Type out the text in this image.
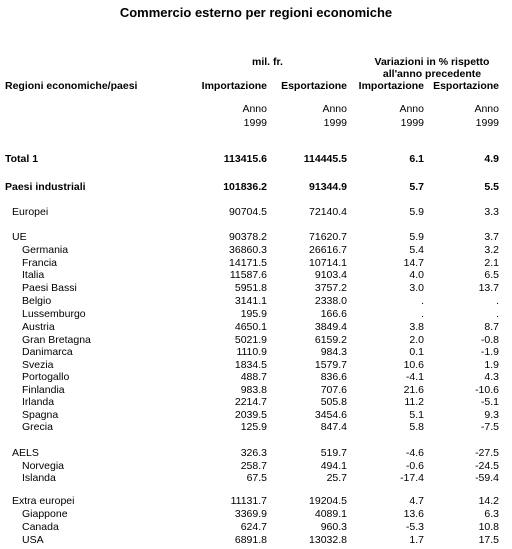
Commercio esterno per regioni economiche
mil. fr.	Variazioni in % rispetto
all'anno precedente
Regioni economiche/paesi	Importazione Esportazione Importazione Esportazione
Anno
1999
Anno
1999
Anno
1999
Anno
1999
Total 1	113415.6	114445.5	6.1	4.9
Paesi industriali	101836.2	91344.9	5.7	5.5
Europei	90704.5	72140.4	5.9	3.3
UE	90378.2	71620.7	5.9	3.7
Germania	36860.3	26616.7	5.4	3.2
Francia	14171.5	10714.1	14.7	2.1
Italia	11587.6	9103.4	4.0	6.5
Paesi Bassi	5951.8	3757.2	3.0	13.7
Belgio	3141.1	2338.0	.	.
Lussemburgo	195.9	166.6	.	.
Austria	4650.1	3849.4	3.8	8.7
Gran Bretagna	5021.9	6159.2	2.0	-0.8
Danimarca	1110.9	984.3	0.1	-1.9
Svezia	1834.5	1579.7	10.6	1.9
Portogallo	488.7	836.6	-4.1	4.3
Finlandia	983.8	707.6	21.6	-10.6
Irlanda	2214.7	505.8	11.2	-5.1
Spagna	2039.5	3454.6	5.1	9.3
Grecia	125.9	847.4	5.8	-7.5
AELS	326.3	519.7	-4.6	-27.5
Norvegia	258.7	494.1	-0.6	-24.5
Islanda	67.5	25.7	-17.4	-59.4
Extra europei	11131.7	19204.5	4.7	14.2
Giappone	3369.9	4089.1	13.6	6.3
Canada	624.7	960.3	-5.3	10.8
USA	6891.8	13032.8	1.7	17.5
